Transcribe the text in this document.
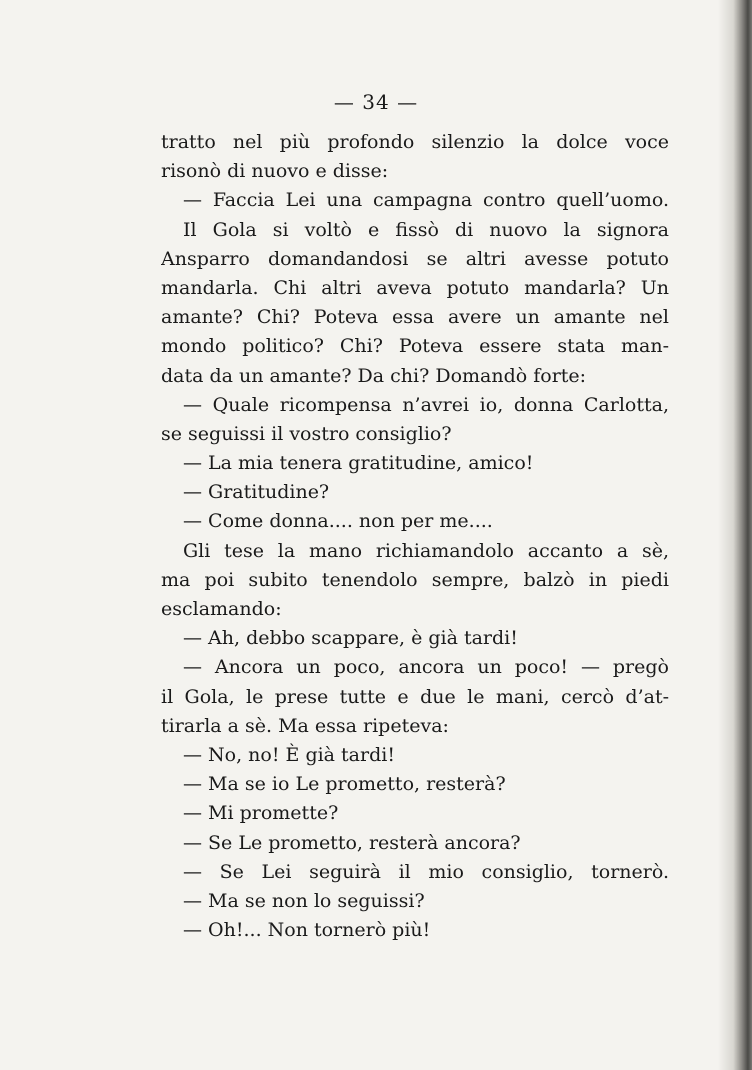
— 34 —
tratto nel più profondo silenzio la dolce voce
risonò di nuovo e disse:
— Faccia Lei una campagna contro quell’uomo.
Il Gola si voltò e fissò di nuovo la signora
Ansparro domandandosi se altri avesse potuto
mandarla. Chi altri aveva potuto mandarla? Un
amante? Chi? Poteva essa avere un amante nel
mondo politico? Chi? Poteva essere stata man-
data da un amante? Da chi? Domandò forte:
— Quale ricompensa n’avrei io, donna Carlotta,
se seguissi il vostro consiglio?
— La mia tenera gratitudine, amico!
— Gratitudine?
— Come donna.... non per me....
Gli tese la mano richiamandolo accanto a sè,
ma poi subito tenendolo sempre, balzò in piedi
esclamando:
— Ah, debbo scappare, è già tardi!
— Ancora un poco, ancora un poco! — pregò
il Gola, le prese tutte e due le mani, cercò d’at-
tirarla a sè. Ma essa ripeteva:
— No, no! È già tardi!
— Ma se io Le prometto, resterà?
— Mi promette?
— Se Le prometto, resterà ancora?
— Se Lei seguirà il mio consiglio, tornerò.
— Ma se non lo seguissi?
— Oh!... Non tornerò più!
